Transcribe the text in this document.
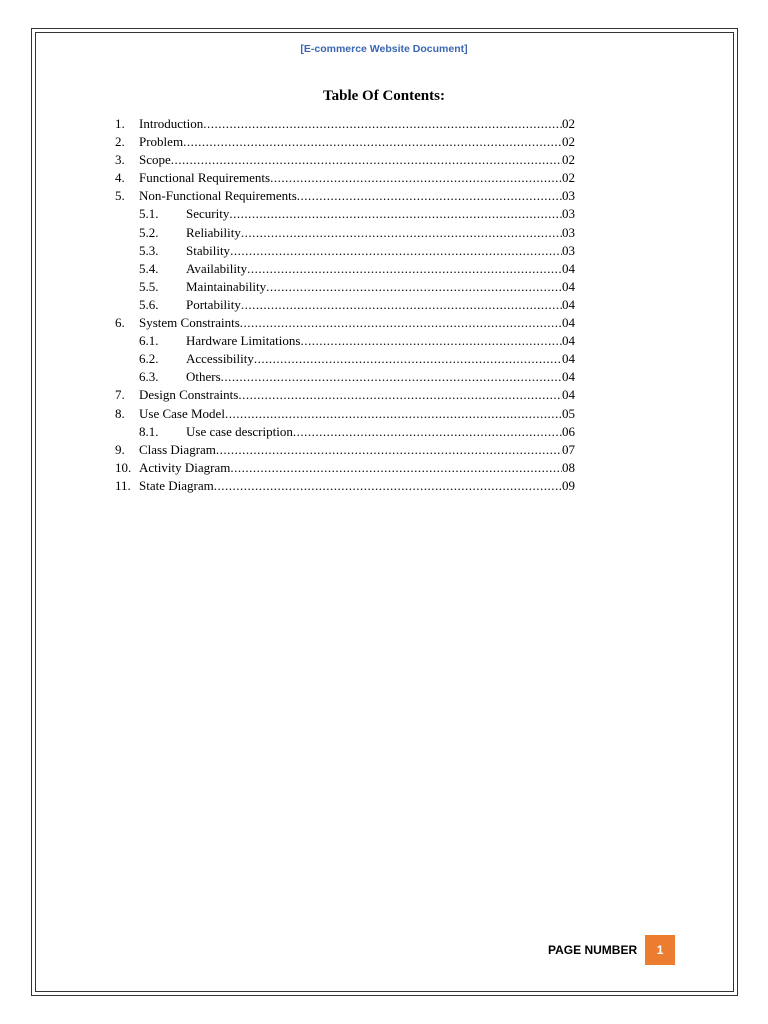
[E-commerce Website Document]
Table Of Contents:
1. Introduction .....	02
2. Problem .....	02
3. Scope .....	02
4. Functional Requirements .....	02
5. Non-Functional Requirements .....	03
5.1. Security .....	03
5.2. Reliability .....	03
5.3. Stability .....	03
5.4. Availability .....	04
5.5. Maintainability .....	04
5.6. Portability .....	04
6. System Constraints .....	04
6.1. Hardware Limitations .....	04
6.2. Accessibility .....	04
6.3. Others .....	04
7. Design Constraints .....	04
8. Use Case Model .....	05
8.1. Use case description .....	06
9. Class Diagram .....	07
10. Activity Diagram .....	08
11. State Diagram .....	09
PAGE NUMBER	1
